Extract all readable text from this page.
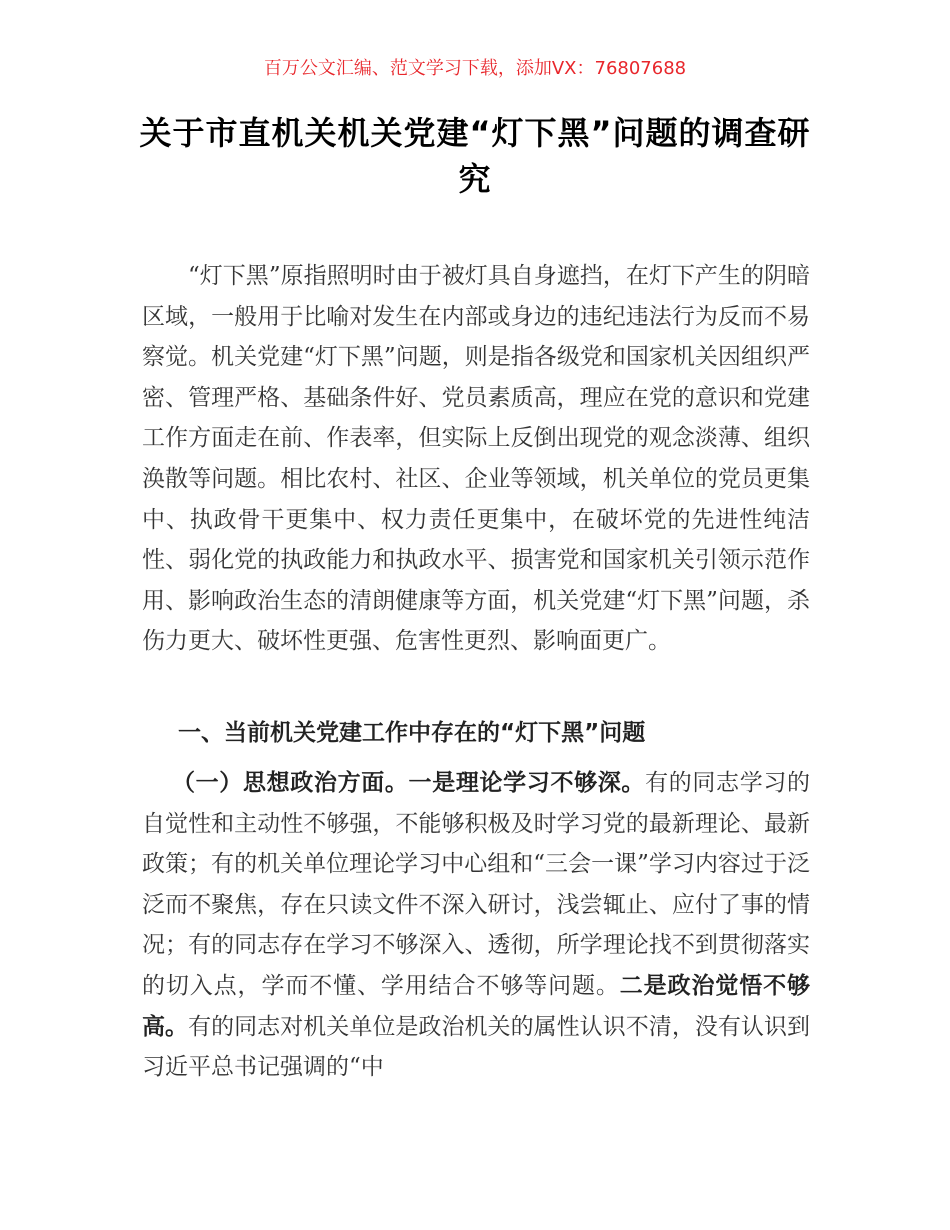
百万公文汇编、范文学习下载，添加VX：76807688
关于市直机关机关党建“灯下黑”问题的调查研究
“灯下黑”原指照明时由于被灯具自身遮挡，在灯下产生的阴暗区域，一般用于比喻对发生在内部或身边的违纪违法行为反而不易察觉。机关党建“灯下黑”问题，则是指各级党和国家机关因组织严密、管理严格、基础条件好、党员素质高，理应在党的意识和党建工作方面走在前、作表率，但实际上反倒出现党的观念淡薄、组织涣散等问题。相比农村、社区、企业等领域，机关单位的党员更集中、执政骨干更集中、权力责任更集中，在破坏党的先进性纯洁性、弱化党的执政能力和执政水平、损害党和国家机关引领示范作用、影响政治生态的清朗健康等方面，机关党建“灯下黑”问题，杀伤力更大、破坏性更强、危害性更烈、影响面更广。
一、当前机关党建工作中存在的“灯下黑”问题
（一）思想政治方面。一是理论学习不够深。有的同志学习的自觉性和主动性不够强，不能够积极及时学习党的最新理论、最新政策；有的机关单位理论学习中心组和“三会一课”学习内容过于泛泛而不聚焦，存在只读文件不深入研讨，浅尝辄止、应付了事的情况；有的同志存在学习不够深入、透彻，所学理论找不到贯彻落实的切入点，学而不懂、学用结合不够等问题。二是政治觉悟不够高。有的同志对机关单位是政治机关的属性认识不清，没有认识到习近平总书记强调的“中
